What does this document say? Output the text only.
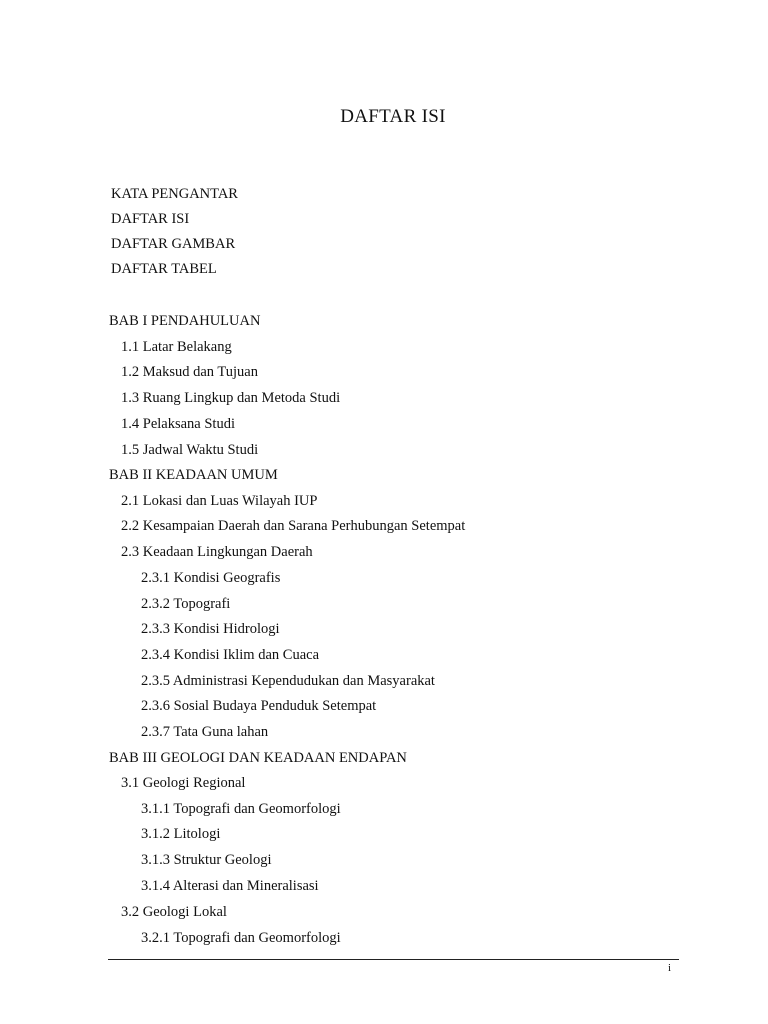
DAFTAR ISI
KATA PENGANTAR
DAFTAR ISI
DAFTAR GAMBAR
DAFTAR TABEL
BAB I PENDAHULUAN
1.1 Latar Belakang
1.2 Maksud dan Tujuan
1.3 Ruang Lingkup dan Metoda Studi
1.4 Pelaksana Studi
1.5 Jadwal Waktu Studi
BAB II KEADAAN UMUM
2.1 Lokasi dan Luas Wilayah IUP
2.2 Kesampaian Daerah dan Sarana Perhubungan Setempat
2.3 Keadaan Lingkungan Daerah
2.3.1 Kondisi Geografis
2.3.2 Topografi
2.3.3 Kondisi Hidrologi
2.3.4 Kondisi Iklim dan Cuaca
2.3.5 Administrasi Kependudukan dan Masyarakat
2.3.6 Sosial Budaya Penduduk Setempat
2.3.7 Tata Guna lahan
BAB III GEOLOGI DAN KEADAAN ENDAPAN
3.1 Geologi Regional
3.1.1 Topografi dan Geomorfologi
3.1.2 Litologi
3.1.3 Struktur Geologi
3.1.4 Alterasi dan Mineralisasi
3.2 Geologi Lokal
3.2.1 Topografi dan Geomorfologi
i
